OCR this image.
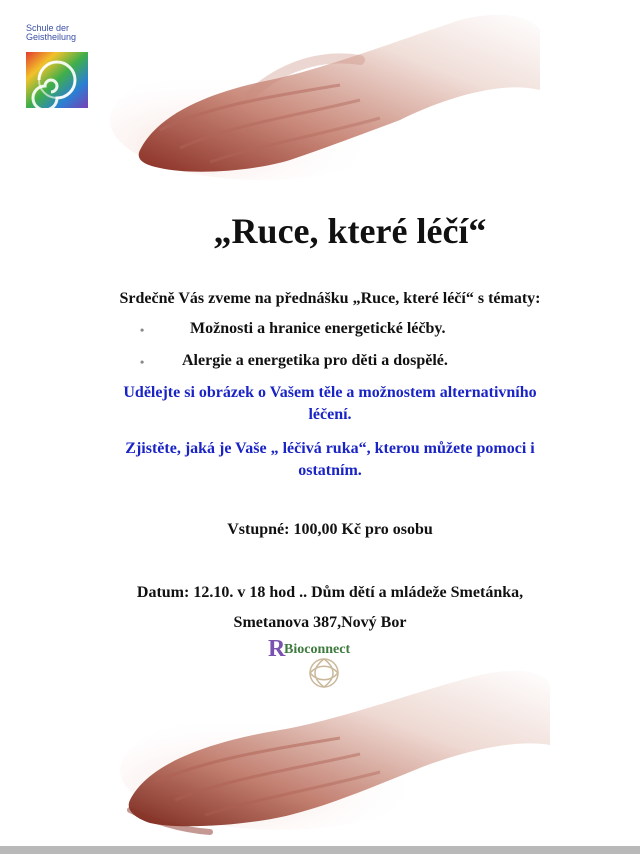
Schule der
Geistheilung
„Ruce, které léčí“
Srdečně Vás zveme na přednášku „Ruce, které léčí“ s tématy:
•	Možnosti a hranice energetické léčby.
• Alergie a energetika pro děti a dospělé.
Udělejte si obrázek o Vašem těle a možnostem alternativního
léčení.
Zjistěte, jaká je Vaše „ léčivá ruka“, kterou můžete pomoci i
ostatním.
Vstupné: 100,00 Kč pro osobu
Datum: 12.10. v 18 hod .. Dům dětí a mládeže Smetánka,
Smetanova 387,Nový Bor
R
Bioconnect
